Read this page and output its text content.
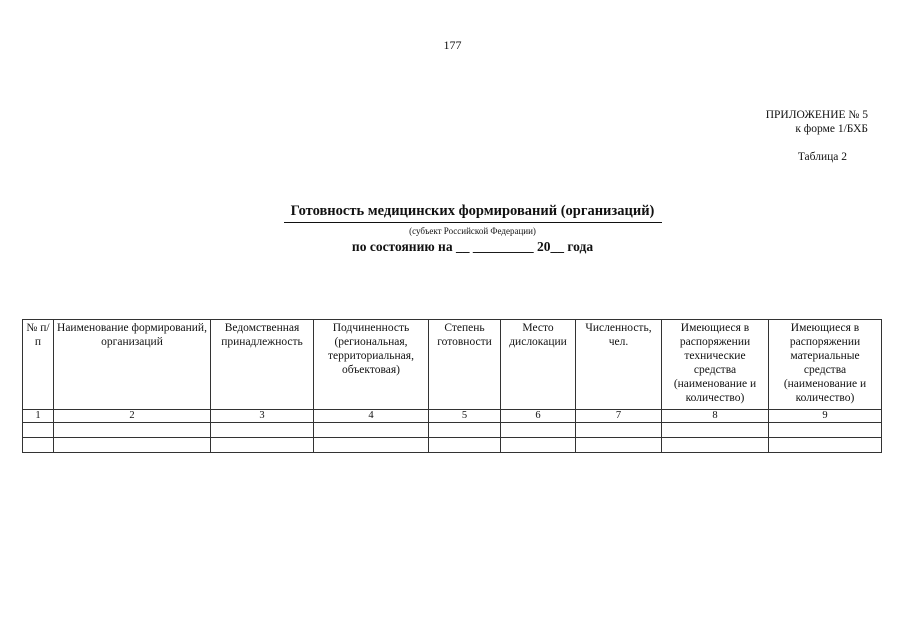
177
ПРИЛОЖЕНИЕ № 5
к форме 1/БХБ
Таблица 2
Готовность медицинских формирований (организаций)
(субъект Российской Федерации)
по состоянию на __ _________ 20__ года
№ п/п	Наименование формирований, организаций	Ведомственная принадлежность	Подчиненность (региональная, территориальная, объектовая)	Степень готовности	Место дислокации	Численность, чел.	Имеющиеся в распоряжении технические средства (наименование и количество)	Имеющиеся в распоряжении материальные средства (наименование и количество)
1	2	3	4	5	6	7	8	9
